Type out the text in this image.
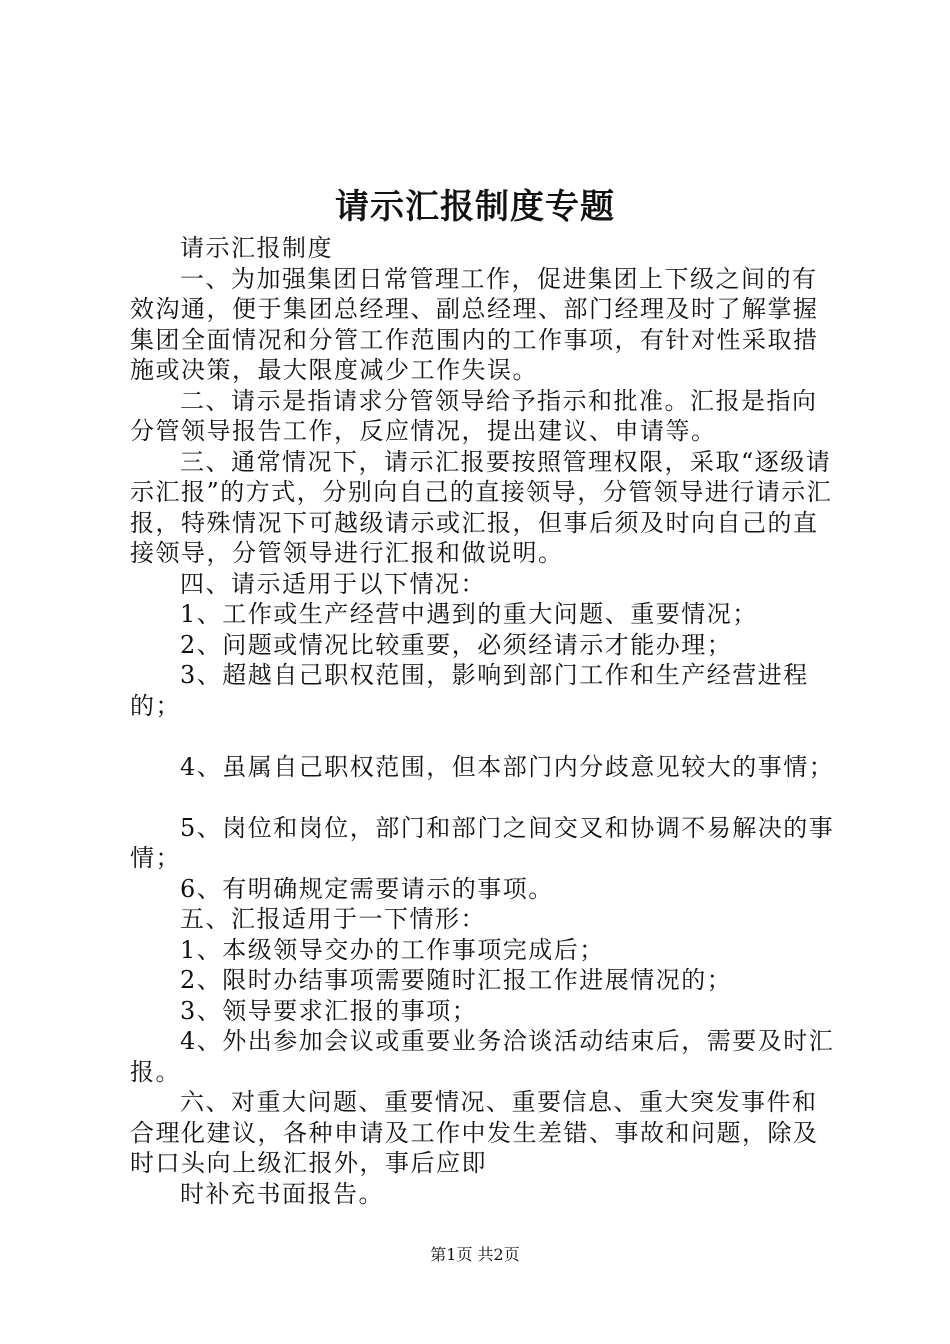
请示汇报制度专题

请示汇报制度

一、为加强集团日常管理工作，促进集团上下级之间的有效沟通，便于集团总经理、副总经理、部门经理及时了解掌握集团全面情况和分管工作范围内的工作事项，有针对性采取措施或决策，最大限度减少工作失误。

二、请示是指请求分管领导给予指示和批准。汇报是指向分管领导报告工作，反应情况，提出建议、申请等。

三、通常情况下，请示汇报要按照管理权限，采取“逐级请示汇报”的方式，分别向自己的直接领导，分管领导进行请示汇报，特殊情况下可越级请示或汇报，但事后须及时向自己的直接领导，分管领导进行汇报和做说明。

四、请示适用于以下情况：

1、工作或生产经营中遇到的重大问题、重要情况；

2、问题或情况比较重要，必须经请示才能办理；

3、超越自己职权范围，影响到部门工作和生产经营进程的；

4、虽属自己职权范围，但本部门内分歧意见较大的事情；

5、岗位和岗位，部门和部门之间交叉和协调不易解决的事情；

6、有明确规定需要请示的事项。

五、汇报适用于一下情形：

1、本级领导交办的工作事项完成后；

2、限时办结事项需要随时汇报工作进展情况的；

3、领导要求汇报的事项；

4、外出参加会议或重要业务洽谈活动结束后，需要及时汇报。

六、对重大问题、重要情况、重要信息、重大突发事件和合理化建议，各种申请及工作中发生差错、事故和问题，除及时口头向上级汇报外，事后应即

时补充书面报告。

第1页 共2页
